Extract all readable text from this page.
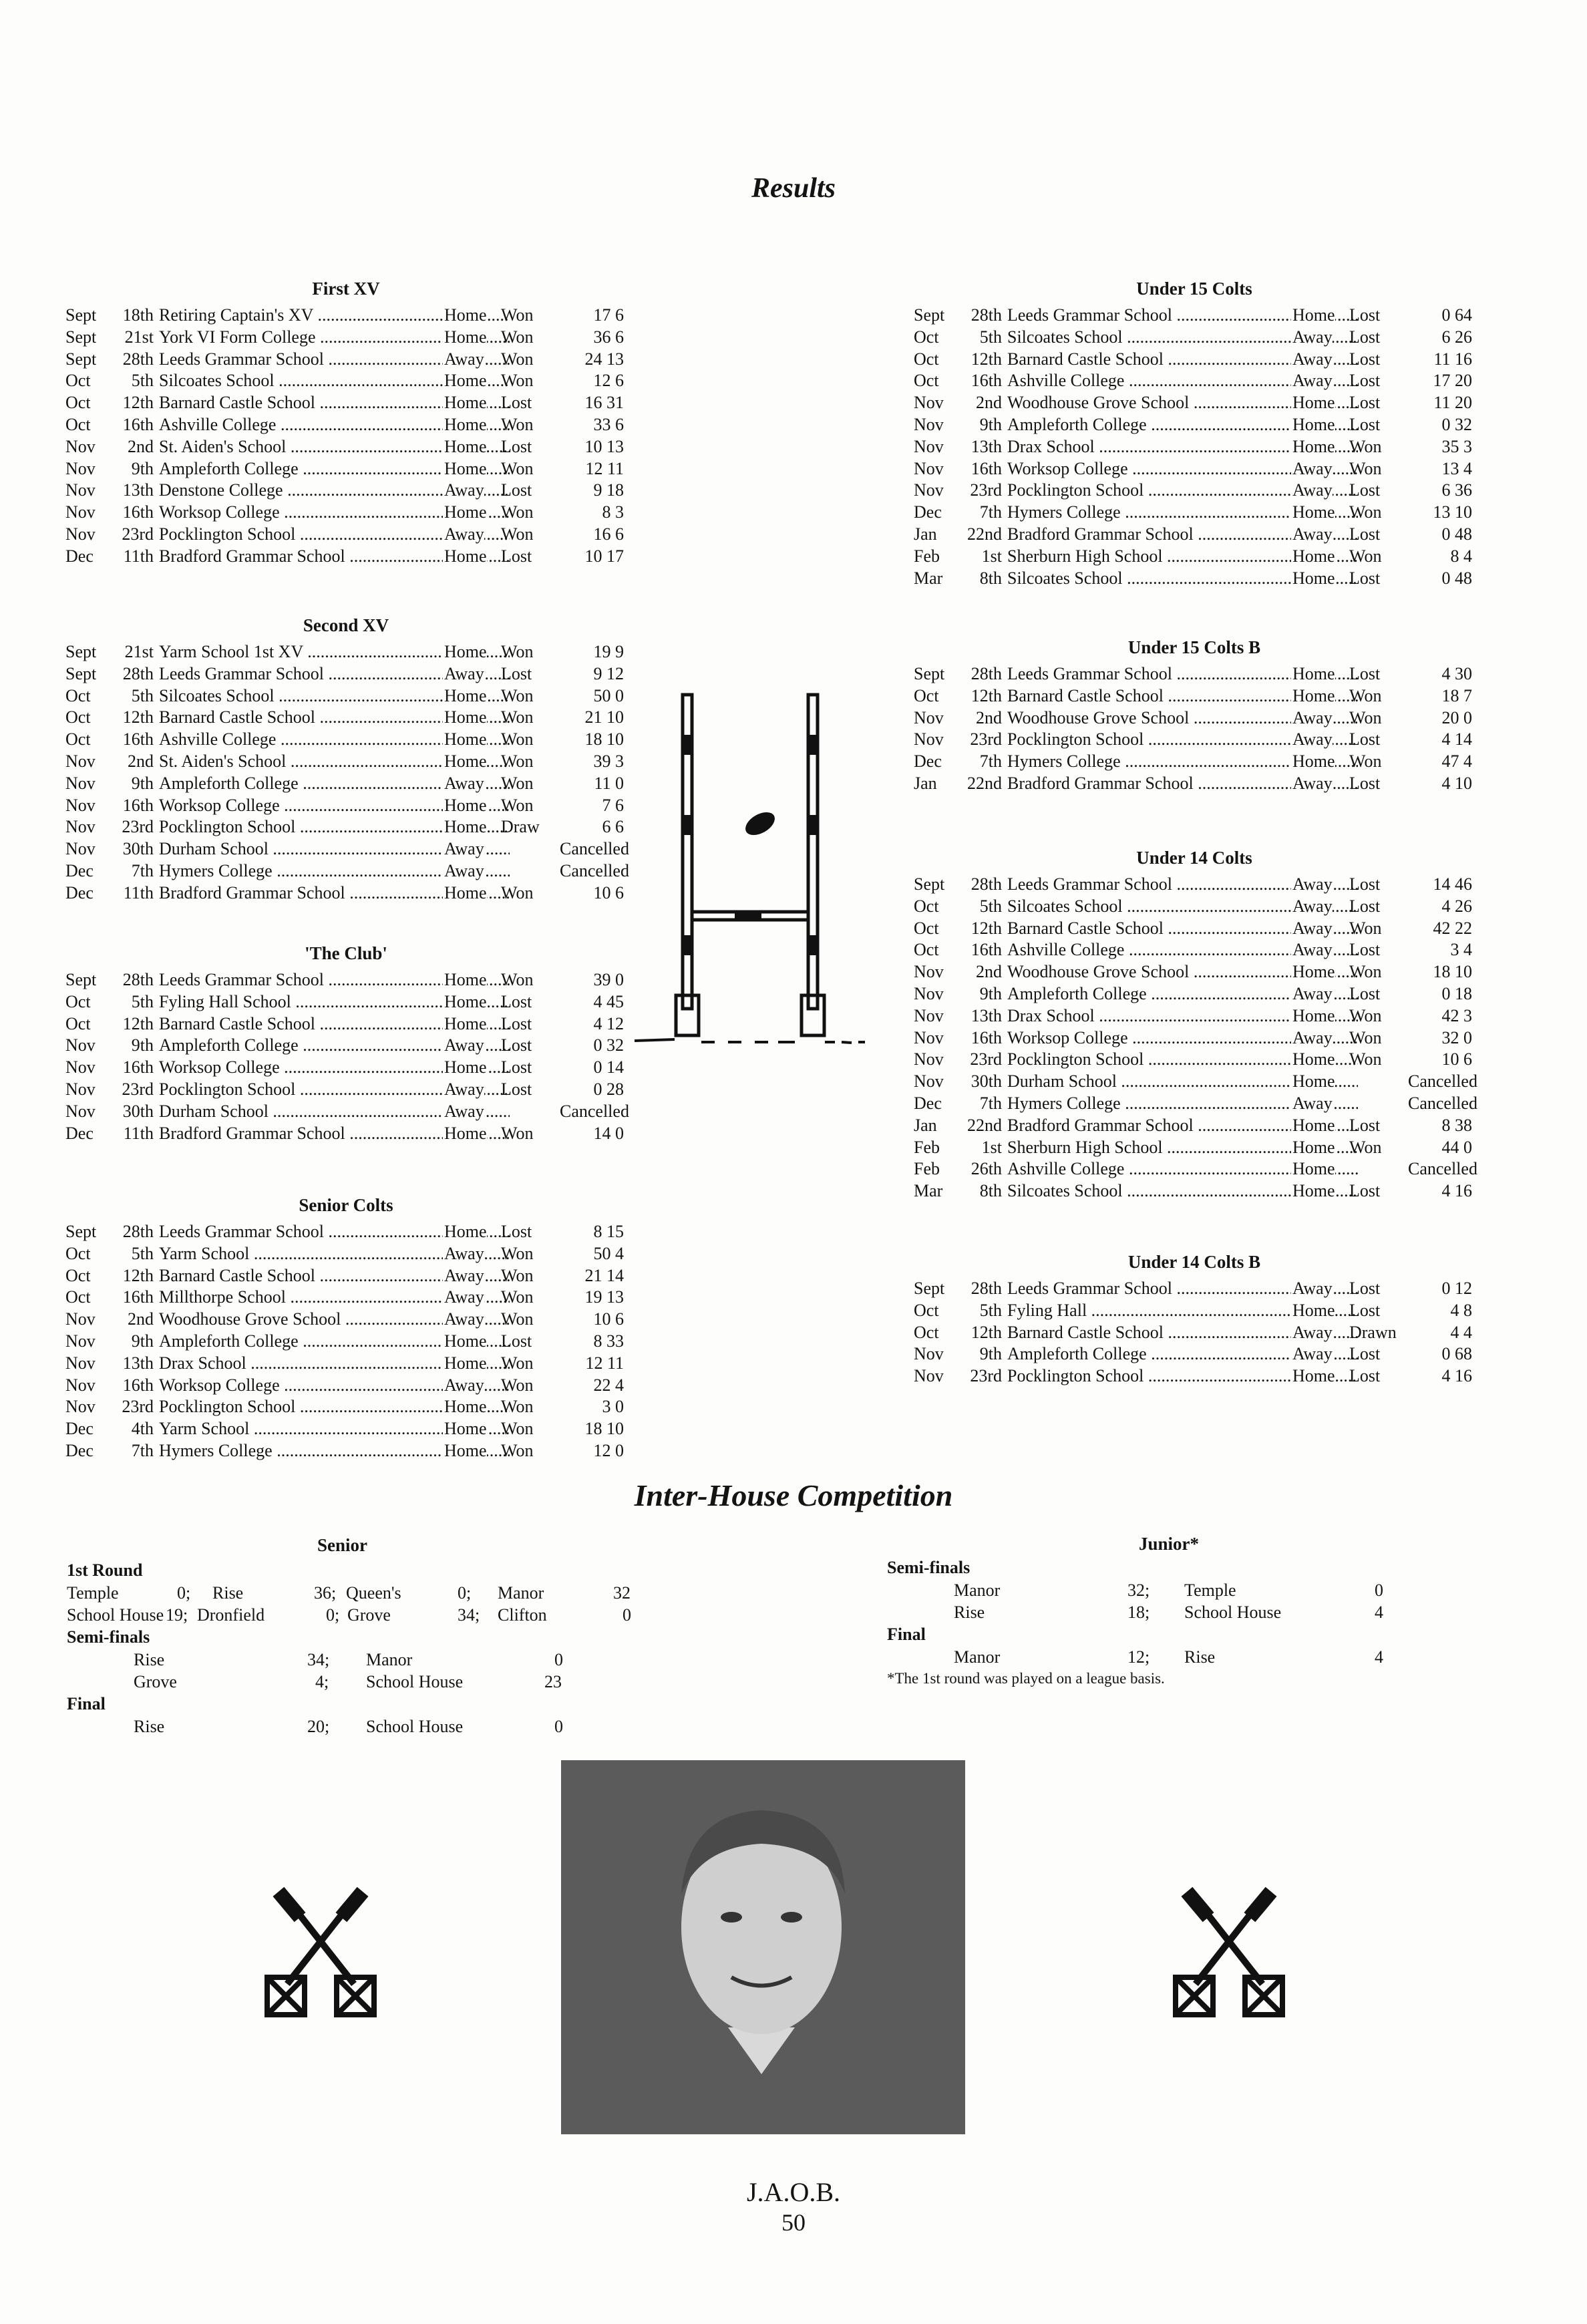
Results
First XV
Sept	18th Retiring Captain's XV .....	Home Won	17 6
Sept	21st York VI Form College .....	Home Won	36 6
Sept	28th Leeds Grammar School .....	Away Won	24 13
Oct	5th Silcoates School .....	Home Won	12 6
Oct	12th Barnard Castle School .....	Home Lost	16 31
Oct	16th Ashville College .....	Home Won	33 6
Nov	2nd St. Aiden's School .....	Home Lost	10 13
Nov	9th Ampleforth College .....	Home Won	12 11
Nov	13th Denstone College .....	Away Lost	9 18
Nov	16th Worksop College .....	Home Won	8 3
Nov	23rd Pocklington School .....	Away Won	16 6
Dec	11th Bradford Grammar School .....	Home Lost	10 17
Second XV
Sept	21st Yarm School 1st XV .....	Home Won	19 9
Sept	28th Leeds Grammar School .....	Away Lost	9 12
Oct	5th Silcoates School .....	Home Won	50 0
Oct	12th Barnard Castle School .....	Home Won	21 10
Oct	16th Ashville College .....	Home Won	18 10
Nov	2nd St. Aiden's School .....	Home Won	39 3
Nov	9th Ampleforth College .....	Away Won	11 0
Nov	16th Worksop College .....	Home Won	7 6
Nov	23rd Pocklington School .....	Home Draw	6 6
Nov	30th Durham School .....	Away	Cancelled
Dec	7th Hymers College .....	Away	Cancelled
Dec	11th Bradford Grammar School .....	Home Won	10 6
'The Club'
Sept	28th Leeds Grammar School .....	Home Won	39 0
Oct	5th Fyling Hall School .....	Home Lost	4 45
Oct	12th Barnard Castle School .....	Home Lost	4 12
Nov	9th Ampleforth College .....	Away Lost	0 32
Nov	16th Worksop College .....	Home Lost	0 14
Nov	23rd Pocklington School .....	Away Lost	0 28
Nov	30th Durham School .....	Away	Cancelled
Dec	11th Bradford Grammar School .....	Home Won	14 0
Senior Colts
Sept	28th Leeds Grammar School .....	Home Lost	8 15
Oct	5th Yarm School .....	Away Won	50 4
Oct	12th Barnard Castle School .....	Away Won	21 14
Oct	16th Millthorpe School .....	Away Won	19 13
Nov	2nd Woodhouse Grove School .....	Away Won	10 6
Nov	9th Ampleforth College .....	Home Lost	8 33
Nov	13th Drax School .....	Home Won	12 11
Nov	16th Worksop College .....	Away Won	22 4
Nov	23rd Pocklington School .....	Home Won	3 0
Dec	4th Yarm School .....	Home Won	18 10
Dec	7th Hymers College .....	Home Won	12 0
Under 15 Colts
Sept	28th Leeds Grammar School .....	Home Lost	0 64
Oct	5th Silcoates School .....	Away Lost	6 26
Oct	12th Barnard Castle School .....	Away Lost	11 16
Oct	16th Ashville College .....	Away Lost	17 20
Nov	2nd Woodhouse Grove School .....	Home Lost	11 20
Nov	9th Ampleforth College .....	Home Lost	0 32
Nov	13th Drax School .....	Home Won	35 3
Nov	16th Worksop College .....	Away Won	13 4
Nov	23rd Pocklington School .....	Away Lost	6 36
Dec	7th Hymers College .....	Home Won	13 10
Jan	22nd Bradford Grammar School .....	Away Lost	0 48
Feb	1st Sherburn High School .....	Home Won	8 4
Mar	8th Silcoates School .....	Home Lost	0 48
Under 15 Colts B
Sept	28th Leeds Grammar School .....	Home Lost	4 30
Oct	12th Barnard Castle School .....	Home Won	18 7
Nov	2nd Woodhouse Grove School .....	Away Won	20 0
Nov	23rd Pocklington School .....	Away Lost	4 14
Dec	7th Hymers College .....	Home Won	47 4
Jan	22nd Bradford Grammar School .....	Away Lost	4 10
Under 14 Colts
Sept	28th Leeds Grammar School .....	Away Lost	14 46
Oct	5th Silcoates School .....	Away Lost	4 26
Oct	12th Barnard Castle School .....	Away Won	42 22
Oct	16th Ashville College .....	Away Lost	3 4
Nov	2nd Woodhouse Grove School .....	Home Won	18 10
Nov	9th Ampleforth College .....	Away Lost	0 18
Nov	13th Drax School .....	Home Won	42 3
Nov	16th Worksop College .....	Away Won	32 0
Nov	23rd Pocklington School .....	Home Won	10 6
Nov	30th Durham School .....	Home	Cancelled
Dec	7th Hymers College .....	Away	Cancelled
Jan	22nd Bradford Grammar School .....	Home Lost	8 38
Feb	1st Sherburn High School .....	Home Won	44 0
Feb	26th Ashville College .....	Home	Cancelled
Mar	8th Silcoates School .....	Home Lost	4 16
Under 14 Colts B
Sept	28th Leeds Grammar School .....	Away Lost	0 12
Oct	5th Fyling Hall .....	Home Lost	4 8
Oct	12th Barnard Castle School .....	Away Drawn	4 4
Nov	9th Ampleforth College .....	Away Lost	0 68
Nov	23rd Pocklington School .....	Home Lost	4 16
Inter-House Competition
Senior
1st Round
Temple	0; Rise	36; Queen's	0; Manor	32
School House 19; Dronfield	0; Grove	34; Clifton	0
Semi-finals
Rise	34; Manor	0
Grove	4; School House	23
Final
Rise	20; School House	0
Junior*
Semi-finals
Manor	32; Temple	0
Rise	18; School House	4
Final
Manor	12; Rise	4
*The 1st round was played on a league basis.
J.A.O.B.
50
